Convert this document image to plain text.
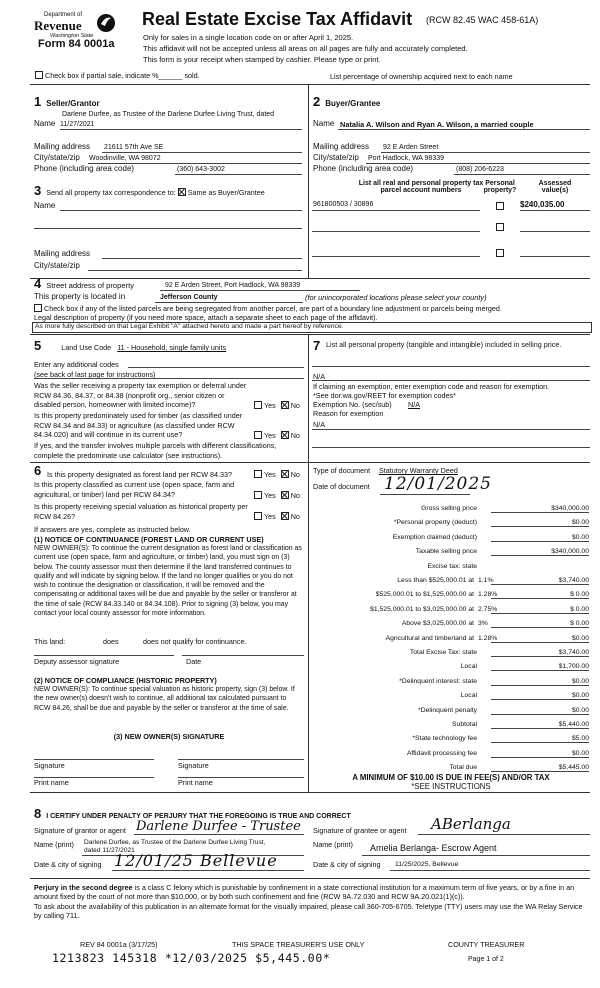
Department of
Revenue
Washington State
Form 84 0001a
Real Estate Excise Tax Affidavit (RCW 82.45 WAC 458-61A)
Only for sales in a single location code on or after April 1, 2025.
This affidavit will not be accepted unless all areas on all pages are fully and accurately completed.
This form is your receipt when stamped by cashier. Please type or print.
Check box if partial sale, indicate %______ sold.	List percentage of ownership acquired next to each name
1 Seller/Grantor
Darlene Durfee, as Trustee of the Darlene Durfee Living Trust, dated
Name 11/27/2021
Mailing address 21611 57th Ave SE
City/state/zip Woodinville, WA 98072
Phone (including area code)	(360) 643-3002
2 Buyer/Grantee
Name Natalia A. Wilson and Ryan A. Wilson, a married couple
Mailing address 92 E Arden Street
City/state/zip Port Hadlock, WA 98339
Phone (including area code)	(808) 206-6223
3 Send all property tax correspondence to: Same as Buyer/Grantee
Name
Mailing address
City/state/zip
List all real and personal property tax parcel account numbers
Personal property?
Assessed value(s)
961800503 / 30896	$240,035.00
4 Street address of property	92 E Arden Street, Port Hadlock, WA 98339
This property is located in	Jefferson County	(for unincorporated locations please select your county)
Check box if any of the listed parcels are being segregated from another parcel, are part of a boundary line adjustment or parcels being merged.
Legal description of property (if you need more space, attach a separate sheet to each page of the affidavit).
As more fully described on that Legal Exhibit "A" attached hereto and made a part hereof by reference.
5	Land Use Code 11 - Household, single family units
Enter any additional codes
(see back of last page for instructions)
Was the seller receiving a property tax exemption or deferral under RCW 84.36, 84.37, or 84.38 (nonprofit org., senior citizen or disabled person, homeowner with limited income)?	Yes No
Is this property predominately used for timber (as classified under RCW 84.34 and 84.33) or agriculture (as classified under RCW 84.34.020) and will continue in its current use?	Yes No
If yes, and the transfer involves multiple parcels with different classifications, complete the predominate use calculator (see instructions).
6 Is this property designated as forest land per RCW 84.33?	Yes No
Is this property classified as current use (open space, farm and agricultural, or timber) land per RCW 84.34?	Yes No
Is this property receiving special valuation as historical property per RCW 84.26?	Yes No
If answers are yes, complete as instructed below.
(1) NOTICE OF CONTINUANCE (FOREST LAND OR CURRENT USE)
NEW OWNER(S): To continue the current designation as forest land or classification as current use (open space, farm and agriculture, or timber) land, you must sign on (3) below. The county assessor must then determine if the land transferred continues to qualify and will indicate by signing below. If the land no longer qualifies or you do not wish to continue the designation or classification, it will be removed and the compensating or additional taxes will be due and payable by the seller or transferor at the time of sale (RCW 84.33.140 or 84.34.108). Prior to signing (3) below, you may contact your local county assessor for more information.
This land:	does	does not qualify for continuance.
Deputy assessor signature	Date
(2) NOTICE OF COMPLIANCE (HISTORIC PROPERTY)
NEW OWNER(S): To continue special valuation as historic property, sign (3) below. If the new owner(s) doesn't wish to continue, all additional tax calculated pursuant to RCW 84.26, shall be due and payable by the seller or transferor at the time of sale.
(3) NEW OWNER(S) SIGNATURE
Signature	Signature
Print name	Print name
7 List all personal property (tangible and intangible) included in selling price.
N/A
If claiming an exemption, enter exemption code and reason for exemption.
*See dor.wa.gov/REET for exemption codes*
Exemption No. (sec/sub) N/A
Reason for exemption
N/A
Type of document Statutory Warranty Deed
Date of document 12/01/2025
Gross selling price	$340,000.00
*Personal property (deduct)	$0.00
Exemption claimed (deduct)	$0.00
Taxable selling price	$340,000.00
Excise tax: state
Less than $525,000.01 at 1.1%	$3,740.00
$525,000.01 to $1,525,000.00 at 1.28%	$ 0.00
$1,525,000.01 to $3,025,000.00 at 2.75%	$ 0.00
Above $3,025,000.00 at 3%	$ 0.00
Agricultural and timberland at 1.28%	$0.00
Total Excise Tax: state	$3,740.00
Local	$1,700.00
*Delinquent interest: state	$0.00
Local	$0.00
*Delinquent penalty	$0.00
Subtotal	$5,440.00
*State technology fee	$5.00
Affidavit processing fee	$0.00
Total due	$5,445.00
A MINIMUM OF $10.00 IS DUE IN FEE(S) AND/OR TAX
*SEE INSTRUCTIONS
8 I CERTIFY UNDER PENALTY OF PERJURY THAT THE FOREGOING IS TRUE AND CORRECT
Signature of grantor or agent Darlene Durfee - Trustee Signature of grantee or agent ABerlanga
Name (print) Darlene Durfee, as Trustee of the Darlene Durfee Living Trust,
dated 11/27/2021
Name (print) Amelia Berlanga- Escrow Agent
Date & city of signing 12/01/25 Bellevue	Date & city of signing 11/25/2025, Bellevue
Perjury in the second degree is a class C felony which is punishable by confinement in a state correctional institution for a maximum term of five years, or by a fine in an amount fixed by the court of not more than $10,000, or by both such confinement and fine (RCW 9A.72.030 and RCW 9A.20.021(1)(c)).
To ask about the availability of this publication in an alternate format for the visually impaired, please call 360-705-6705. Teletype (TTY) users may use the WA Relay Service by calling 711.
REV 84 0001a (3/17/25)	THIS SPACE TREASURER'S USE ONLY	COUNTY TREASURER
1213823 145318 *12/03/2025 $5,445.00*	Page 1 of 2
